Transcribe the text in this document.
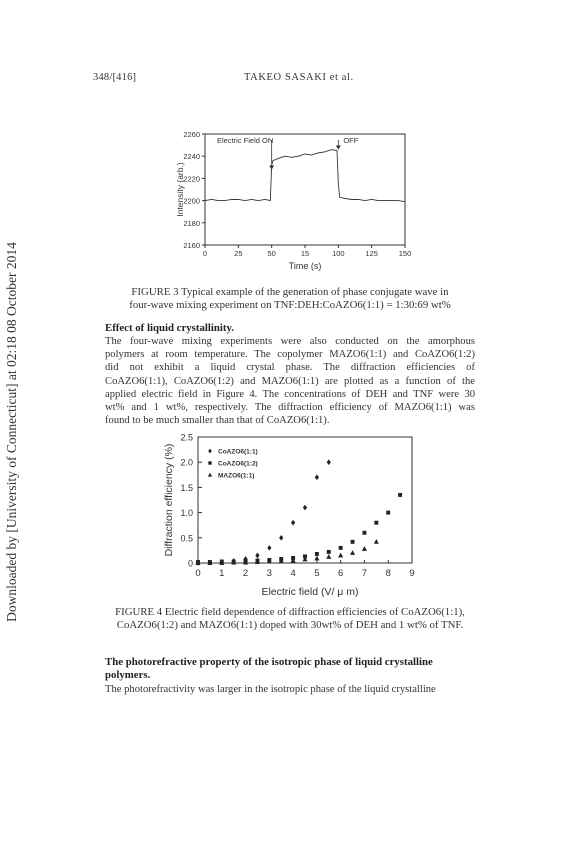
Downloaded by [University of Connecticut] at 02:18 08 October 2014
348/[416]	TAKEO SASAKI et al.
2160
2180
2200
2220
2240
2260
0	25	50	15	100	125	150
Time (s)
Intensity (arb.)
Electric Field ON	OFF
FIGURE 3 Typical example of the generation of phase conjugate wave in
four-wave mixing experiment on TNF:DEH:CoAZO6(1:1) = 1:30:69 wt%
Effect of liquid crystallinity.
The four-wave mixing experiments were also conducted on the amorphous
polymers at room temperature. The copolymer MAZO6(1:1) and CoAZO6(1:2)
did not exhibit a liquid crystal phase. The diffraction efficiencies of
CoAZO6(1:1), CoAZO6(1:2) and MAZO6(1:1) are plotted as a function of the
applied electric field in Figure 4. The concentrations of DEH and TNF were 30
wt% and 1 wt%, respectively. The diffraction efficiency of MAZO6(1:1) was
found to be much smaller than that of CoAZO6(1:1).
0
0.5
1.0
1.5
2.0
2.5
0 1 2 3 4 5 6 7 8 9
Electric field (V/ μ m)
Diffraction efficiency (%)	CoAZO6(1:1)
CoAZO6(1:2)
MAZO6(1:1)
FIGURE 4 Electric field dependence of diffraction efficiencies of CoAZO6(1:1),
CoAZO6(1:2) and MAZO6(1:1) doped with 30wt% of DEH and 1 wt% of TNF.
The photorefractive property of the isotropic phase of liquid crystalline
polymers.
The photorefractivity was larger in the isotropic phase of the liquid crystalline
